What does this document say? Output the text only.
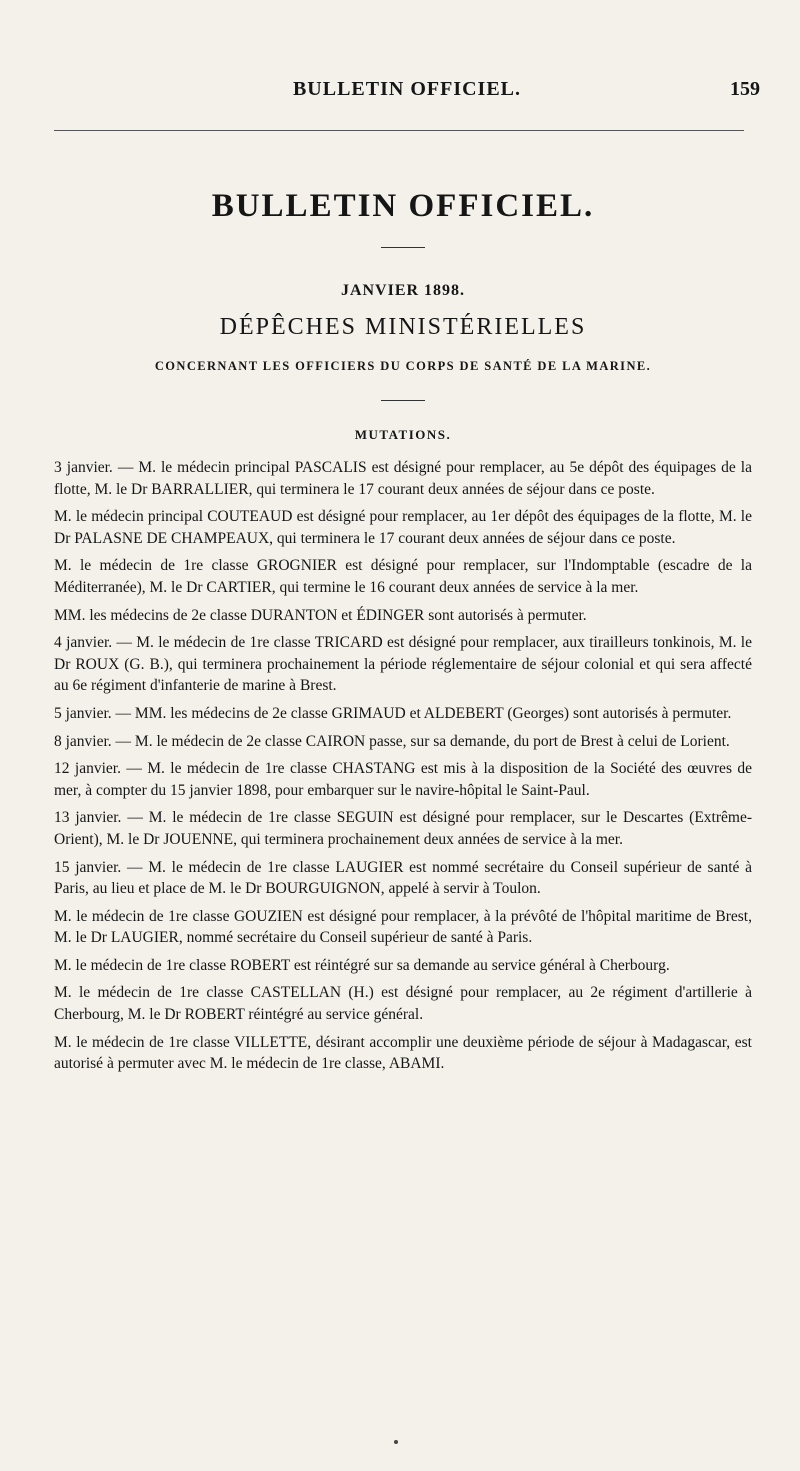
BULLETIN OFFICIEL.	159
BULLETIN OFFICIEL.
JANVIER 1898.
DÉPÊCHES MINISTÉRIELLES
CONCERNANT LES OFFICIERS DU CORPS DE SANTÉ DE LA MARINE.
MUTATIONS.

3 janvier. — M. le médecin principal PASCALIS est désigné pour remplacer, au 5e dépôt des équipages de la flotte, M. le Dr BARRALLIER, qui terminera le 17 courant deux années de séjour dans ce poste.

M. le médecin principal COUTEAUD est désigné pour remplacer, au 1er dépôt des équipages de la flotte, M. le Dr PALASNE DE CHAMPEAUX, qui terminera le 17 courant deux années de séjour dans ce poste.

M. le médecin de 1re classe GROGNIER est désigné pour remplacer, sur l'Indomptable (escadre de la Méditerranée), M. le Dr CARTIER, qui termine le 16 courant deux années de service à la mer.

MM. les médecins de 2e classe DURANTON et ÉDINGER sont autorisés à permuter.

4 janvier. — M. le médecin de 1re classe TRICARD est désigné pour remplacer, aux tirailleurs tonkinois, M. le Dr ROUX (G. B.), qui terminera prochainement la période réglementaire de séjour colonial et qui sera affecté au 6e régiment d'infanterie de marine à Brest.

5 janvier. — MM. les médecins de 2e classe GRIMAUD et ALDEBERT (Georges) sont autorisés à permuter.

8 janvier. — M. le médecin de 2e classe CAIRON passe, sur sa demande, du port de Brest à celui de Lorient.

12 janvier. — M. le médecin de 1re classe CHASTANG est mis à la disposition de la Société des œuvres de mer, à compter du 15 janvier 1898, pour embarquer sur le navire-hôpital le Saint-Paul.

13 janvier. — M. le médecin de 1re classe SEGUIN est désigné pour remplacer, sur le Descartes (Extrême-Orient), M. le Dr JOUENNE, qui terminera prochainement deux années de service à la mer.

15 janvier. — M. le médecin de 1re classe LAUGIER est nommé secrétaire du Conseil supérieur de santé à Paris, au lieu et place de M. le Dr BOURGUIGNON, appelé à servir à Toulon.

M. le médecin de 1re classe GOUZIEN est désigné pour remplacer, à la prévôté de l'hôpital maritime de Brest, M. le Dr LAUGIER, nommé secrétaire du Conseil supérieur de santé à Paris.

M. le médecin de 1re classe ROBERT est réintégré sur sa demande au service général à Cherbourg.

M. le médecin de 1re classe CASTELLAN (H.) est désigné pour remplacer, au 2e régiment d'artillerie à Cherbourg, M. le Dr ROBERT réintégré au service général.

M. le médecin de 1re classe VILLETTE, désirant accomplir une deuxième période de séjour à Madagascar, est autorisé à permuter avec M. le médecin de 1re classe, ABAMI.
